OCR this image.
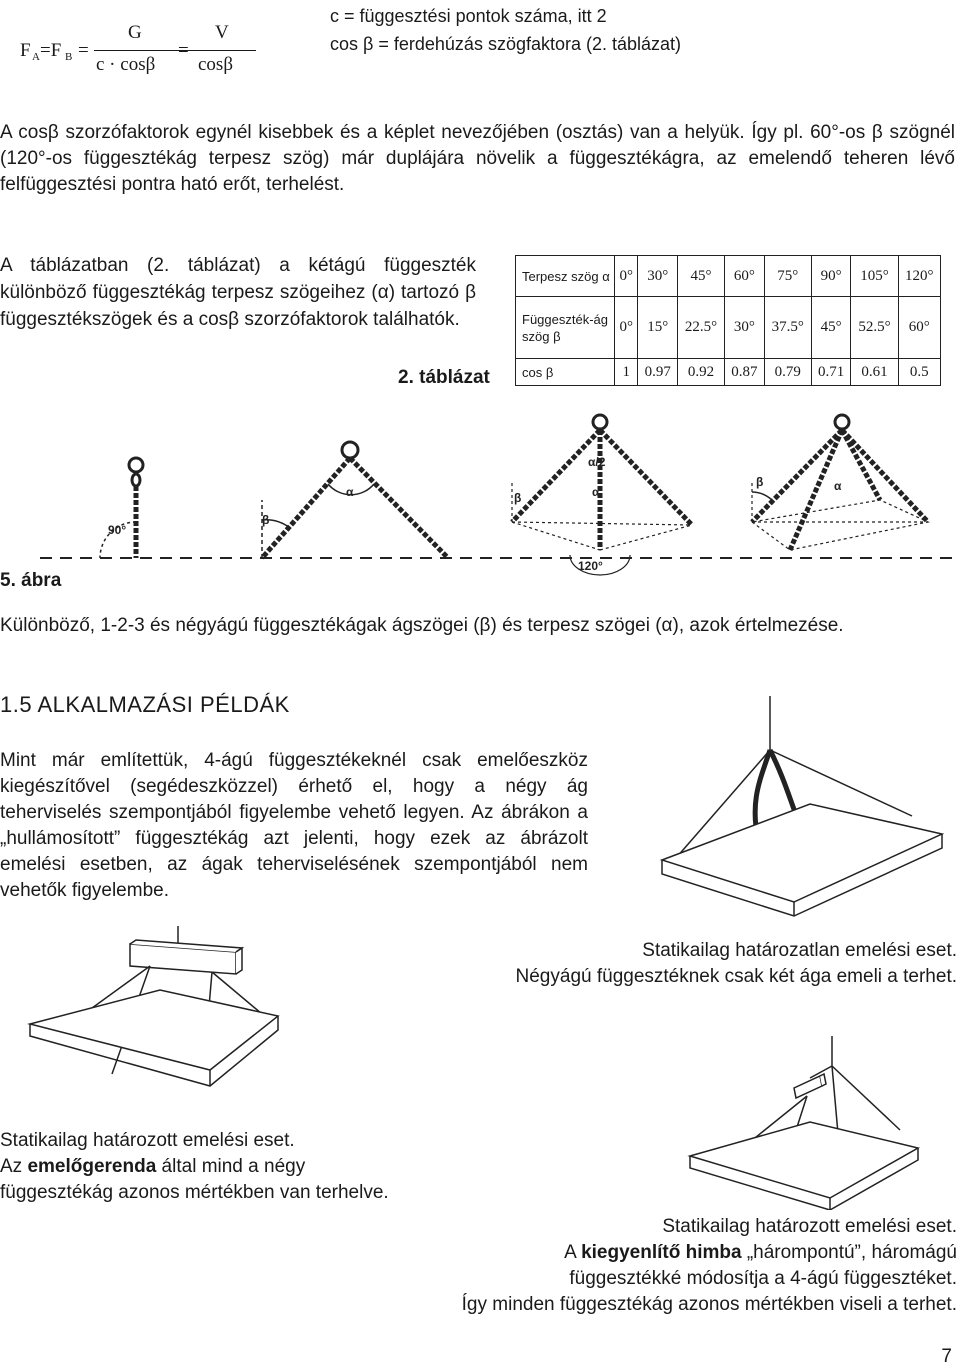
F A =F B =
G
c · cosβ
=
V
cosβ
c = függesztési pontok száma, itt 2
cos β = ferdehúzás szögfaktora (2. táblázat)
A cosβ szorzófaktorok egynél kisebbek és a képlet nevezőjében (osztás) van a helyük. Így pl. 60°-os β szögnél (120°-os függesztékág terpesz szög) már duplájára növelik a függesztékágra, az emelendő teheren lévő felfüggesztési pontra ható erőt, terhelést.
A táblázatban (2. táblázat) a kétágú függeszték különböző függesztékág terpesz szögeihez (α) tartozó β függesztékszögek és a cosβ szorzófaktorok találhatók.
2. táblázat
Terpesz szög α	0°	30°	45°	60°	75°	90°	105°	120°
Függeszték-ág szög β	0°	15°	22.5°	30°	37.5°	45°	52.5°	60°
cos β	1	0.97	0.92	0.87	0.79	0.71	0.61	0.5
90°
β
α	β	α
α/2
120°
β	α
5. ábra
Különböző, 1-2-3 és négyágú függesztékágak ágszögei (β) és terpesz szögei (α), azok értelmezése.
1.5 ALKALMAZÁSI PÉLDÁK
Mint már említettük, 4-ágú függesztékeknél csak emelőeszköz kiegészítővel (segédeszközzel) érhető el, hogy a négy ág teherviselés szempontjából figyelembe vehető legyen. Az ábrákon a „hullámosított” függesztékág azt jelenti, hogy ezek az ábrázolt emelési esetben, az ágak teherviselésének szempontjából nem vehetők figyelembe.
Statikailag határozatlan emelési eset.
Négyágú függesztéknek csak két ága emeli a terhet.
Statikailag határozott emelési eset.
Az emelőgerenda által mind a négy
függesztékág azonos mértékben van terhelve.
Statikailag határozott emelési eset.
A kiegyenlítő himba „hárompontú”, háromágú
függesztékké módosítja a 4-ágú függesztéket.
Így minden függesztékág azonos mértékben viseli a terhet.
7
